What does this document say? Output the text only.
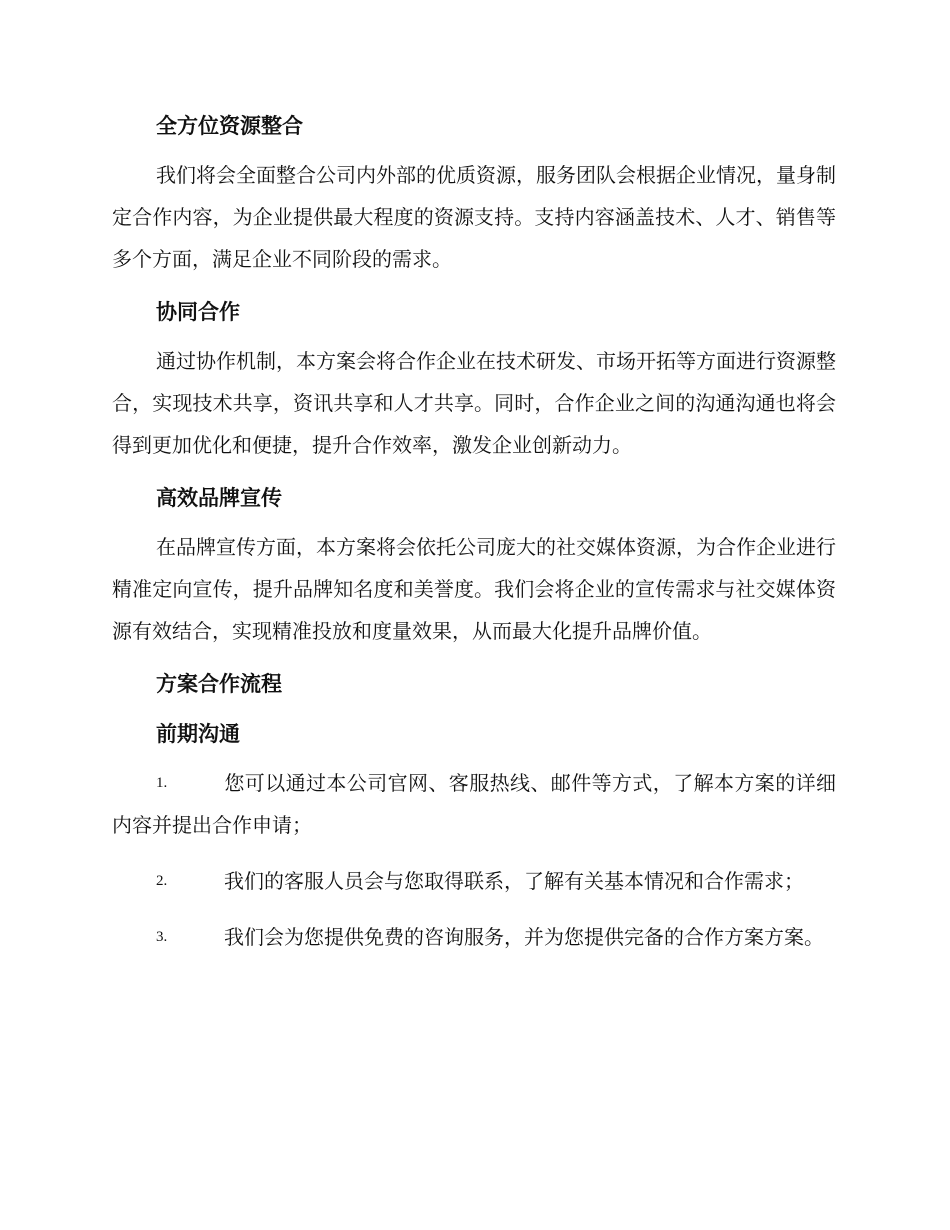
全方位资源整合

我们将会全面整合公司内外部的优质资源，服务团队会根据企业情况，量身制定合作内容，为企业提供最大程度的资源支持。支持内容涵盖技术、人才、销售等多个方面，满足企业不同阶段的需求。

协同合作

通过协作机制，本方案会将合作企业在技术研发、市场开拓等方面进行资源整合，实现技术共享，资讯共享和人才共享。同时，合作企业之间的沟通沟通也将会得到更加优化和便捷，提升合作效率，激发企业创新动力。

高效品牌宣传

在品牌宣传方面，本方案将会依托公司庞大的社交媒体资源，为合作企业进行精准定向宣传，提升品牌知名度和美誉度。我们会将企业的宣传需求与社交媒体资源有效结合，实现精准投放和度量效果，从而最大化提升品牌价值。

方案合作流程
前期沟通

1.	您可以通过本公司官网、客服热线、邮件等方式，了解本方案的详细内容并提出合作申请；

2.	我们的客服人员会与您取得联系，了解有关基本情况和合作需求；

3.	我们会为您提供免费的咨询服务，并为您提供完备的合作方案方案。
